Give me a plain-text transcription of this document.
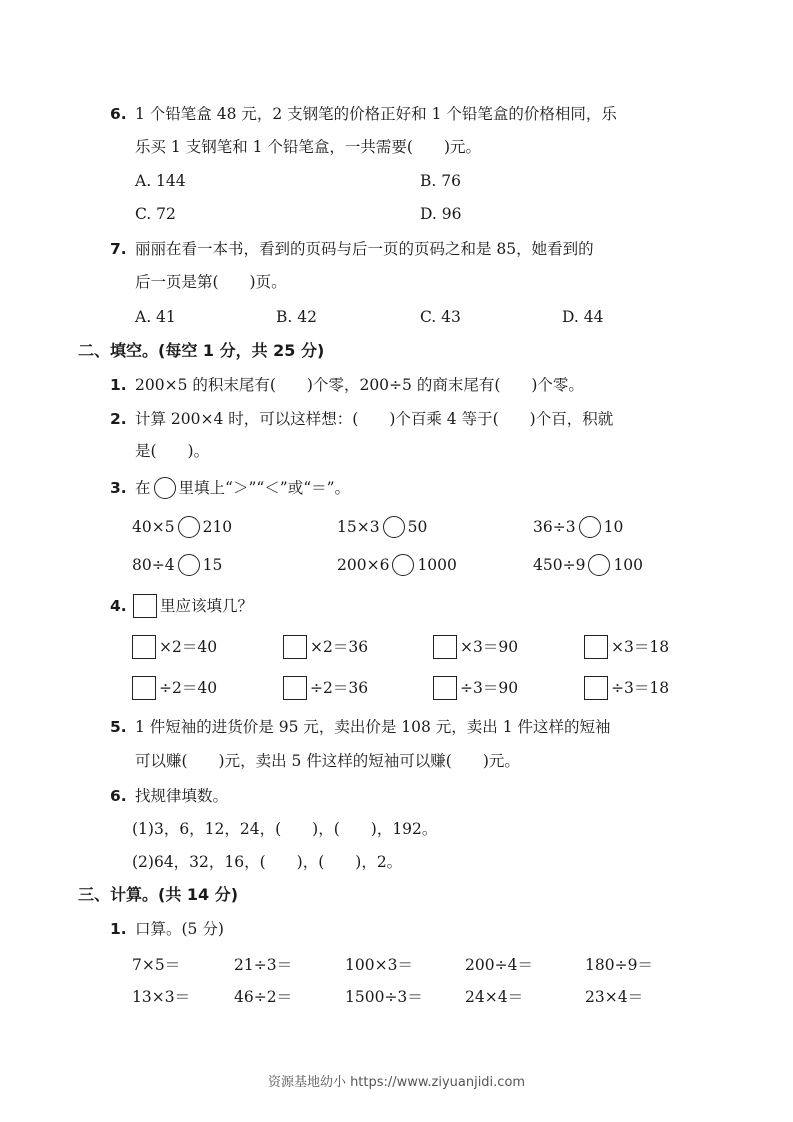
6. 1 个铅笔盒 48 元，2 支钢笔的价格正好和 1 个铅笔盒的价格相同，乐
乐买 1 支钢笔和 1 个铅笔盒，一共需要(　　)元。
A. 144	B. 76
C. 72	D. 96
7. 丽丽在看一本书，看到的页码与后一页的页码之和是 85，她看到的
后一页是第(　　)页。
A. 41	B. 42	C. 43	D. 44
二、填空。(每空 1 分，共 25 分)
1. 200×5 的积末尾有(　　)个零，200÷5 的商末尾有(　　)个零。
2. 计算 200×4 时，可以这样想：(　　)个百乘 4 等于(　　)个百，积就
是(　　)。
3. 在 里填上“＞”“＜”或“＝”。
40×5 210	15×3 50	36÷3 10
80÷4 15	200×6 1000	450÷9 100
4. 里应该填几？
×2＝40	×2＝36	×3＝90	×3＝18
÷2＝40	÷2＝36	÷3＝90	÷3＝18
5. 1 件短袖的进货价是 95 元，卖出价是 108 元，卖出 1 件这样的短袖
可以赚(　　)元，卖出 5 件这样的短袖可以赚(　　)元。
6. 找规律填数。
(1)3，6，12，24，(　　)，(　　)，192。
(2)64，32，16，(　　)，(　　)，2。
三、计算。(共 14 分)
1. 口算。(5 分)
7×5＝	21÷3＝	100×3＝	200÷4＝	180÷9＝
13×3＝	46÷2＝	1500÷3＝	24×4＝	23×4＝
资源基地幼小 https://www.ziyuanjidi.com
